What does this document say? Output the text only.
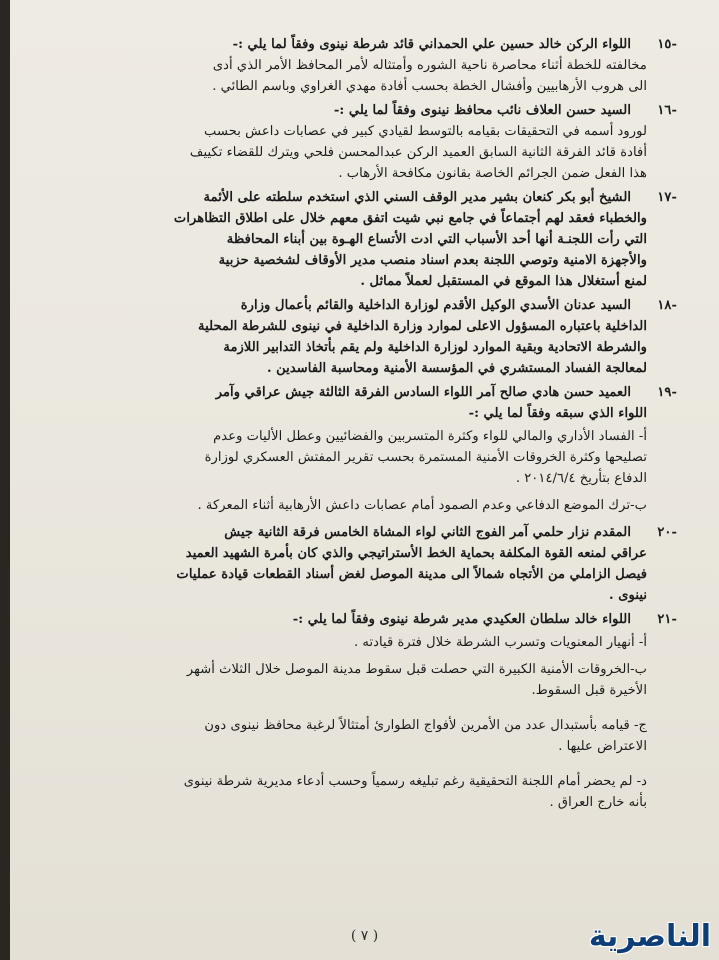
-١٥اللواء الركن خالد حسين علي الحمداني قائد شرطة نينوى وفقاً لما يلي :-

مخالفته للخطة أثناء محاصرة ناحية الشوره وأمتثاله لأمر المحافظ الأمر الذي أدى

الى هروب الأرهابيين وأفشال الخطة بحسب أفادة مهدي الغراوي وباسم الطائي .

-١٦السيد حسن العلاف نائب محافظ نينوى وفقاً لما يلي :-

لورود أسمه في التحقيقات بقيامه بالتوسط لقيادي كبير في عصابات داعش بحسب

أفادة قائد الفرقة الثانية السابق العميد الركن عبدالمحسن فلحي ويترك للقضاء تكييف

هذا الفعل ضمن الجرائم الخاصة بقانون مكافحة الأرهاب .

-١٧الشيخ أبو بكر كنعان بشير مدير الوقف السني الذي استخدم سلطته على الأئمة

والخطباء فعقد لهم أجتماعاً في جامع نبي شيت اتفق معهم خلال على اطلاق التظاهرات

التي رأت اللجنـة أنها أحد الأسباب التي ادت الأتساع الهـوة بين أبناء المحافظة

والأجهزة الامنية وتوصي اللجنة بعدم اسناد منصب مدير الأوقاف لشخصية حزبية

لمنع أستغلال هذا الموقع في المستقبل لعملاً مماثل .

-١٨السيد عدنان الأسدي الوكيل الأقدم لوزارة الداخلية والقائم بأعمال وزارة

الداخلية باعتباره المسؤول الاعلى لموارد وزارة الداخلية في نينوى للشرطة المحلية

والشرطة الاتحادية وبقية الموارد لوزارة الداخلية ولم يقم بأتخاذ التدابير اللازمة

لمعالجة الفساد المستشري في المؤسسة الأمنية ومحاسبة الفاسدين .

-١٩العميد حسن هادي صالح آمر اللواء السادس الفرقة الثالثة جيش عراقي وآمر

اللواء الذي سبقه وفقاً لما يلي :-

أ- الفساد الأداري والمالي للواء وكثرة المتسربين والفضائيين وعطل الأليات وعدم

تصليحها وكثرة الخروقات الأمنية المستمرة بحسب تقرير المفتش العسكري لوزارة

الدفاع بتأريخ ٢٠١٤/٦/٤ .

ب-ترك الموضع الدفاعي وعدم الصمود أمام عصابات داعش الأرهابية أثناء المعركة .

-٢٠المقدم نزار حلمي آمر الفوج الثاني لواء المشاة الخامس فرقة الثانية جيش

عراقي لمنعه القوة المكلفة بحماية الخط الأستراتيجي والذي كان بأمرة الشهيد العميد

فيصل الزاملي من الأتجاه شمالاً الى مدينة الموصل لغض أسناد القطعات قيادة عمليات

نينوى .

-٢١اللواء خالد سلطان العكيدي مدير شرطة نينوى وفقاً لما يلي :-

أ- أنهيار المعنويات وتسرب الشرطة خلال فترة قيادته .

ب-الخروقات الأمنية الكبيرة التي حصلت قبل سقوط مدينة الموصل خلال الثلاث أشهر

الأخيرة قبل السقوط.

ج- قيامه بأستبدال عدد من الأمرين لأفواج الطوارئ أمتثالاً لرغبة محافظ نينوى دون

الاعتراض عليها .

د- لم يحضر أمام اللجنة التحقيقية رغم تبليغه رسمياً وحسب أدعاء مديرية شرطة نينوى

بأنه خارج العراق .

( ٧ )	الناصرية
